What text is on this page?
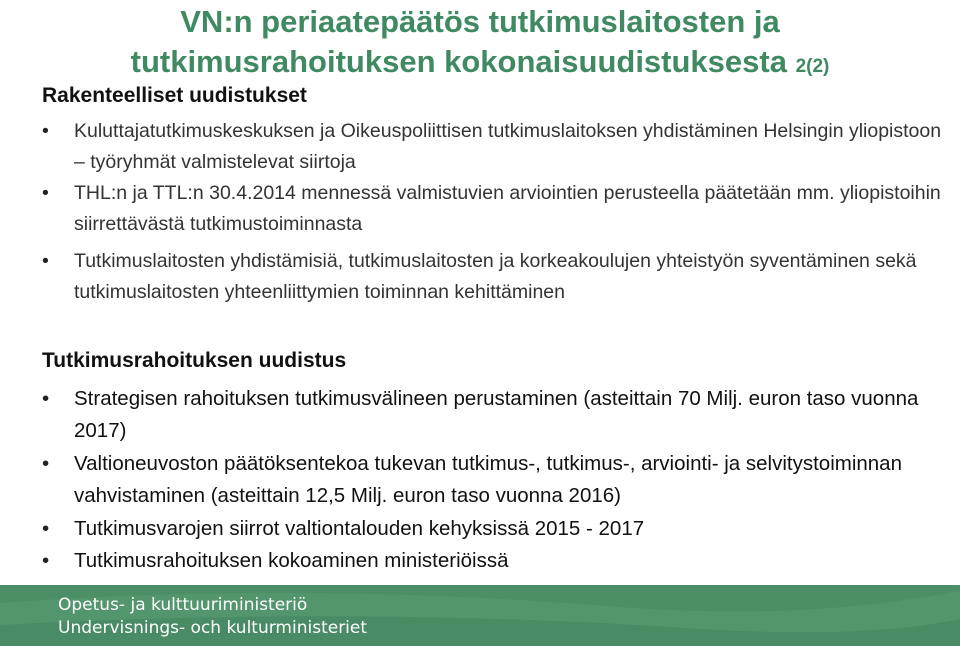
VN:n periaatepäätös tutkimuslaitosten ja
tutkimusrahoituksen kokonaisuudistuksesta 2(2)
Rakenteelliset uudistukset
• Kuluttajatutkimuskeskuksen ja Oikeuspoliittisen tutkimuslaitoksen yhdistäminen Helsingin yliopistoon – työryhmät valmistelevat siirtoja
• THL:n ja TTL:n 30.4.2014 mennessä valmistuvien arviointien perusteella päätetään mm. yliopistoihin siirrettävästä tutkimustoiminnasta
• Tutkimuslaitosten yhdistämisiä, tutkimuslaitosten ja korkeakoulujen yhteistyön syventäminen sekä tutkimuslaitosten yhteenliittymien toiminnan kehittäminen
Tutkimusrahoituksen uudistus
• Strategisen rahoituksen tutkimusvälineen perustaminen (asteittain 70 Milj. euron taso vuonna 2017)
• Valtioneuvoston päätöksentekoa tukevan tutkimus-, tutkimus-, arviointi- ja selvitystoiminnan vahvistaminen (asteittain 12,5 Milj. euron taso vuonna 2016)
• Tutkimusvarojen siirrot valtiontalouden kehyksissä 2015 - 2017
• Tutkimusrahoituksen kokoaminen ministeriöissä
Opetus- ja kulttuuriministeriö
Undervisnings- och kulturministeriet
